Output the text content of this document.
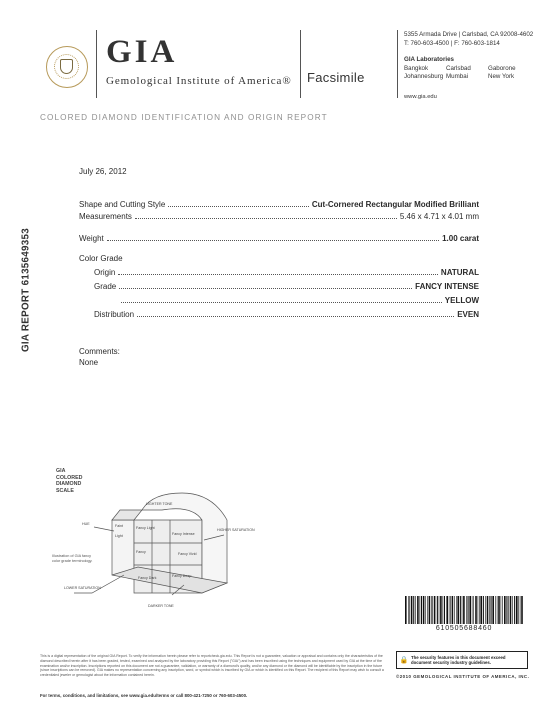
GIA
Gemological Institute of America® Facsimile
5355 Armada Drive | Carlsbad, CA 92008-4602
T: 760-603-4500 | F: 760-603-1814
GIA Laboratories
Bangkok	Carlsbad	Gaborone
Johannesburg Mumbai	New York
www.gia.edu
COLORED DIAMOND IDENTIFICATION AND ORIGIN REPORT
GIA REPORT 6135649353
July 26, 2012
Shape and Cutting Style	Cut-Cornered Rectangular Modified Brilliant
Measurements	5.46 x 4.71 x 4.01 mm
Weight	1.00 carat
Color Grade
Origin	NATURAL
Grade	FANCY INTENSE
YELLOW
Distribution	EVEN
Comments:
None
GIA
COLORED
DIAMOND
SCALE
Illustration of GIA fancy color grade terminology.
LIGHTER TONE
HIGHER SATURATION
HUE
LOWER SATURATION
DARKER TONE
Faint
Light
Fancy Light
Fancy
Fancy Intense
Fancy Vivid
Fancy Deep
Fancy Dark
610505688460
This is a digital representation of the original GIA Report. To verify the information herein please refer to reportcheck.gia.edu. This Report is not a guarantee, valuation or appraisal and contains only the characteristics of the diamond described herein after it has been graded, tested, examined and analyzed by the laboratory providing this Report ("GIA") and has been inscribed using the techniques and equipment used by GIA at the time of the examination and/or inscription. Inscriptions reported on this document are not a guarantee, validation, or warranty of a diamond's quality, and/or any diamond or the diamond will be identifiable by the inscription in the future (since inscriptions can be removed). GIA makes no representation concerning any inscription, word, or symbol which is inscribed by GIA or which is identified on this Report. The recipient of this Report may wish to consult a credentialed jeweler or gemologist about the information contained herein.
🔒 The security features in this document exceed
document security industry guidelines.
©2010 GEMOLOGICAL INSTITUTE OF AMERICA, INC.
For terms, conditions, and limitations, see www.gia.edu/terms or call 800-421-7250 or 760-603-4500.
